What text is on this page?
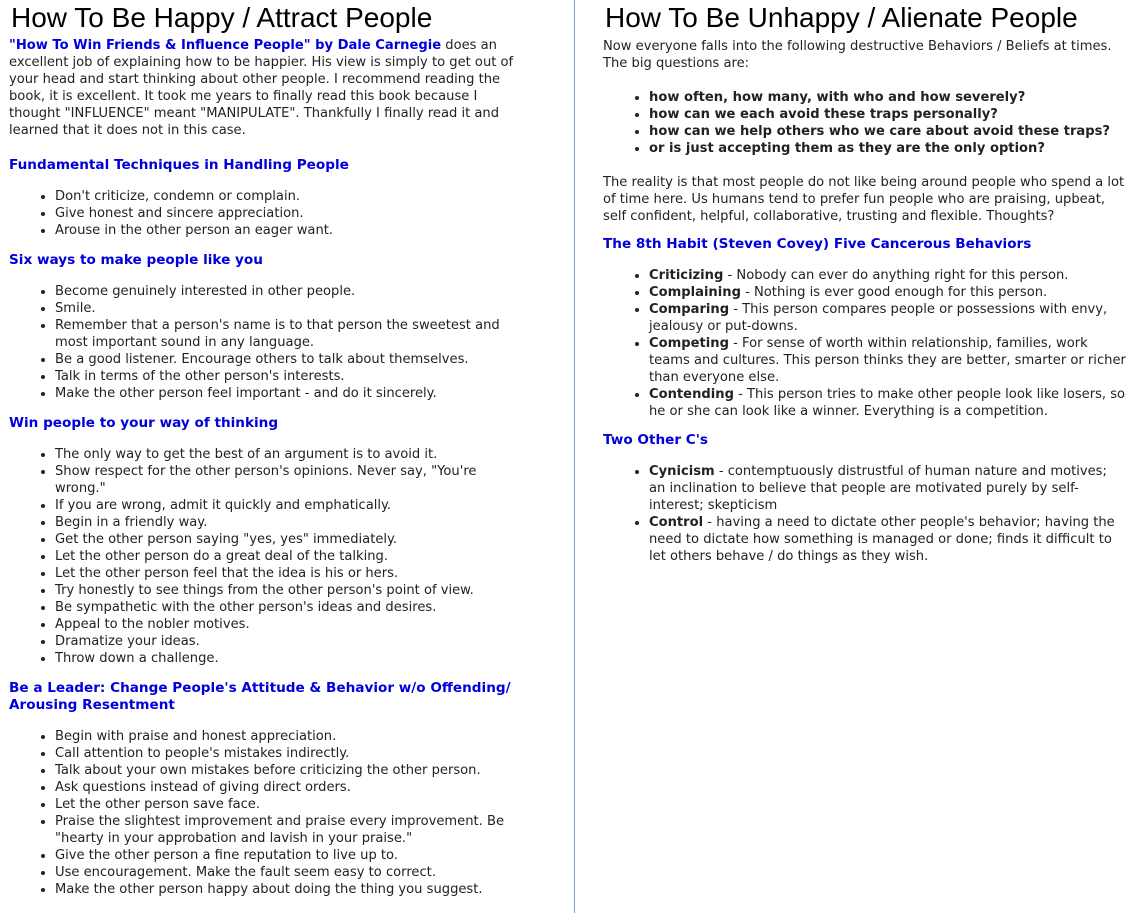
How To Be Happy / Attract People

"How To Win Friends & Influence People" by Dale Carnegie does an excellent job of explaining how to be happier. His view is simply to get out of your head and start thinking about other people. I recommend reading the book, it is excellent. It took me years to finally read this book because I thought "INFLUENCE" meant "MANIPULATE". Thankfully I finally read it and learned that it does not in this case.

Fundamental Techniques in Handling People
• Don't criticize, condemn or complain.
• Give honest and sincere appreciation.
• Arouse in the other person an eager want.
Six ways to make people like you
• Become genuinely interested in other people.
• Smile.
• Remember that a person's name is to that person the sweetest and most important sound in any language.
• Be a good listener. Encourage others to talk about themselves.
• Talk in terms of the other person's interests.
• Make the other person feel important - and do it sincerely.
Win people to your way of thinking
• The only way to get the best of an argument is to avoid it.
• Show respect for the other person's opinions. Never say, "You're wrong."
• If you are wrong, admit it quickly and emphatically.
• Begin in a friendly way.
• Get the other person saying "yes, yes" immediately.
• Let the other person do a great deal of the talking.
• Let the other person feel that the idea is his or hers.
• Try honestly to see things from the other person's point of view.
• Be sympathetic with the other person's ideas and desires.
• Appeal to the nobler motives.
• Dramatize your ideas.
• Throw down a challenge.
Be a Leader: Change People's Attitude & Behavior w/o Offending/ Arousing Resentment
• Begin with praise and honest appreciation.
• Call attention to people's mistakes indirectly.
• Talk about your own mistakes before criticizing the other person.
• Ask questions instead of giving direct orders.
• Let the other person save face.
• Praise the slightest improvement and praise every improvement. Be "hearty in your approbation and lavish in your praise."
• Give the other person a fine reputation to live up to.
• Use encouragement. Make the fault seem easy to correct.
• Make the other person happy about doing the thing you suggest.
How To Be Unhappy / Alienate People

Now everyone falls into the following destructive Behaviors / Beliefs at times. The big questions are:

• how often, how many, with who and how severely?
• how can we each avoid these traps personally?
• how can we help others who we care about avoid these traps?
• or is just accepting them as they are the only option?

The reality is that most people do not like being around people who spend a lot of time here. Us humans tend to prefer fun people who are praising, upbeat, self confident, helpful, collaborative, trusting and flexible. Thoughts?

The 8th Habit (Steven Covey) Five Cancerous Behaviors
• Criticizing - Nobody can ever do anything right for this person.
• Complaining - Nothing is ever good enough for this person.
• Comparing - This person compares people or possessions with envy, jealousy or put-downs.
• Competing - For sense of worth within relationship, families, work teams and cultures. This person thinks they are better, smarter or richer than everyone else.
• Contending - This person tries to make other people look like losers, so he or she can look like a winner. Everything is a competition.
Two Other C's
• Cynicism - contemptuously distrustful of human nature and motives; an inclination to believe that people are motivated purely by self-interest; skepticism
• Control - having a need to dictate other people's behavior; having the need to dictate how something is managed or done; finds it difficult to let others behave / do things as they wish.
